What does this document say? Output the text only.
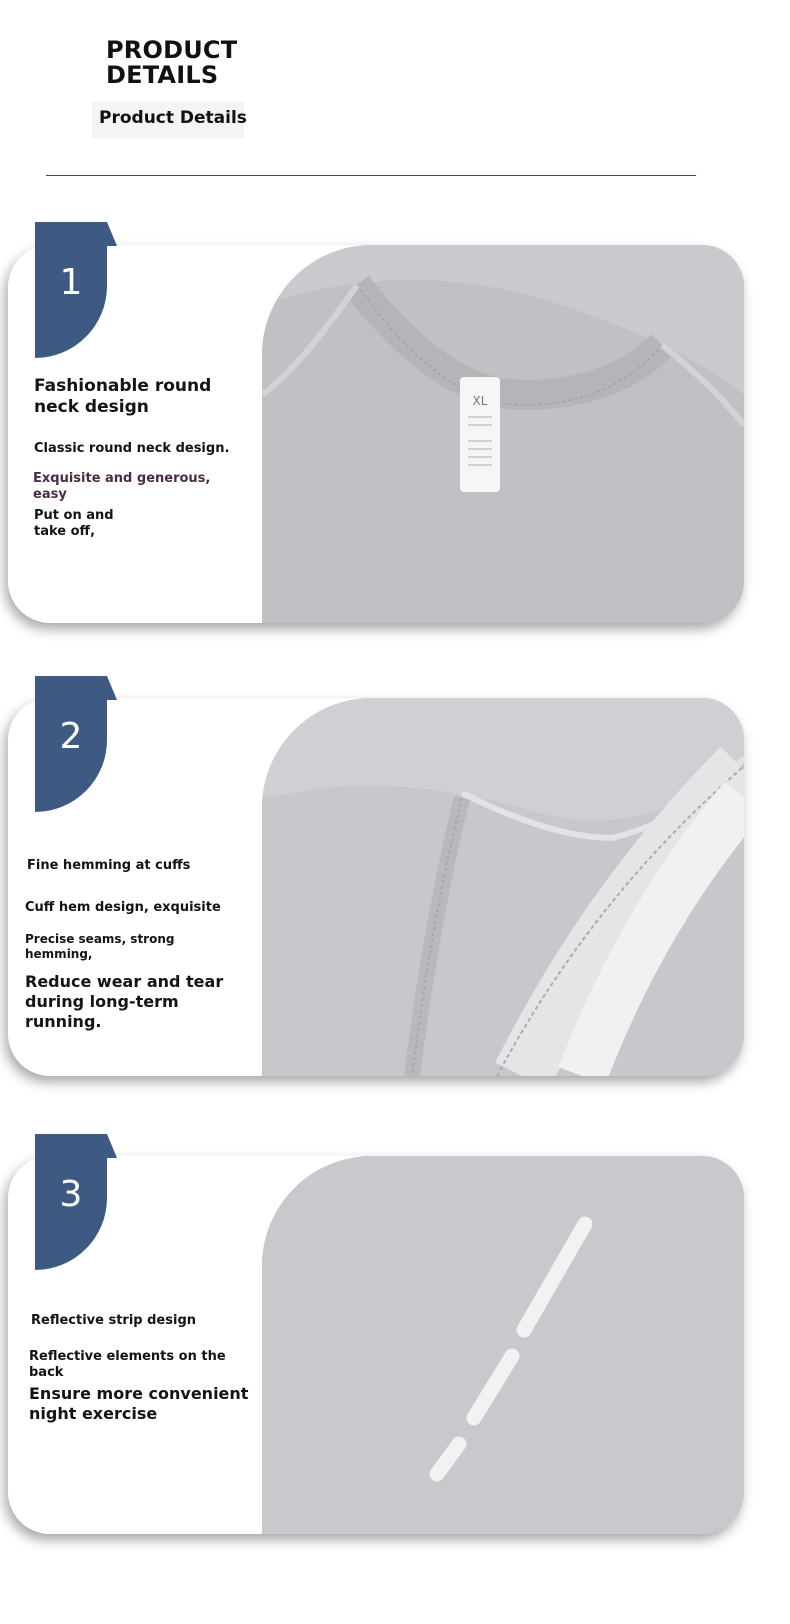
PRODUCT
DETAILS
Product Details
XL
1
Fashionable round
neck design
Classic round neck design.
Exquisite and generous,
easy
Put on and
take off,
2
Fine hemming at cuffs
Cuff hem design, exquisite
Precise seams, strong
hemming,
Reduce wear and tear
during long-term
running.
3
Reflective strip design
Reflective elements on the
back
Ensure more convenient
night exercise
